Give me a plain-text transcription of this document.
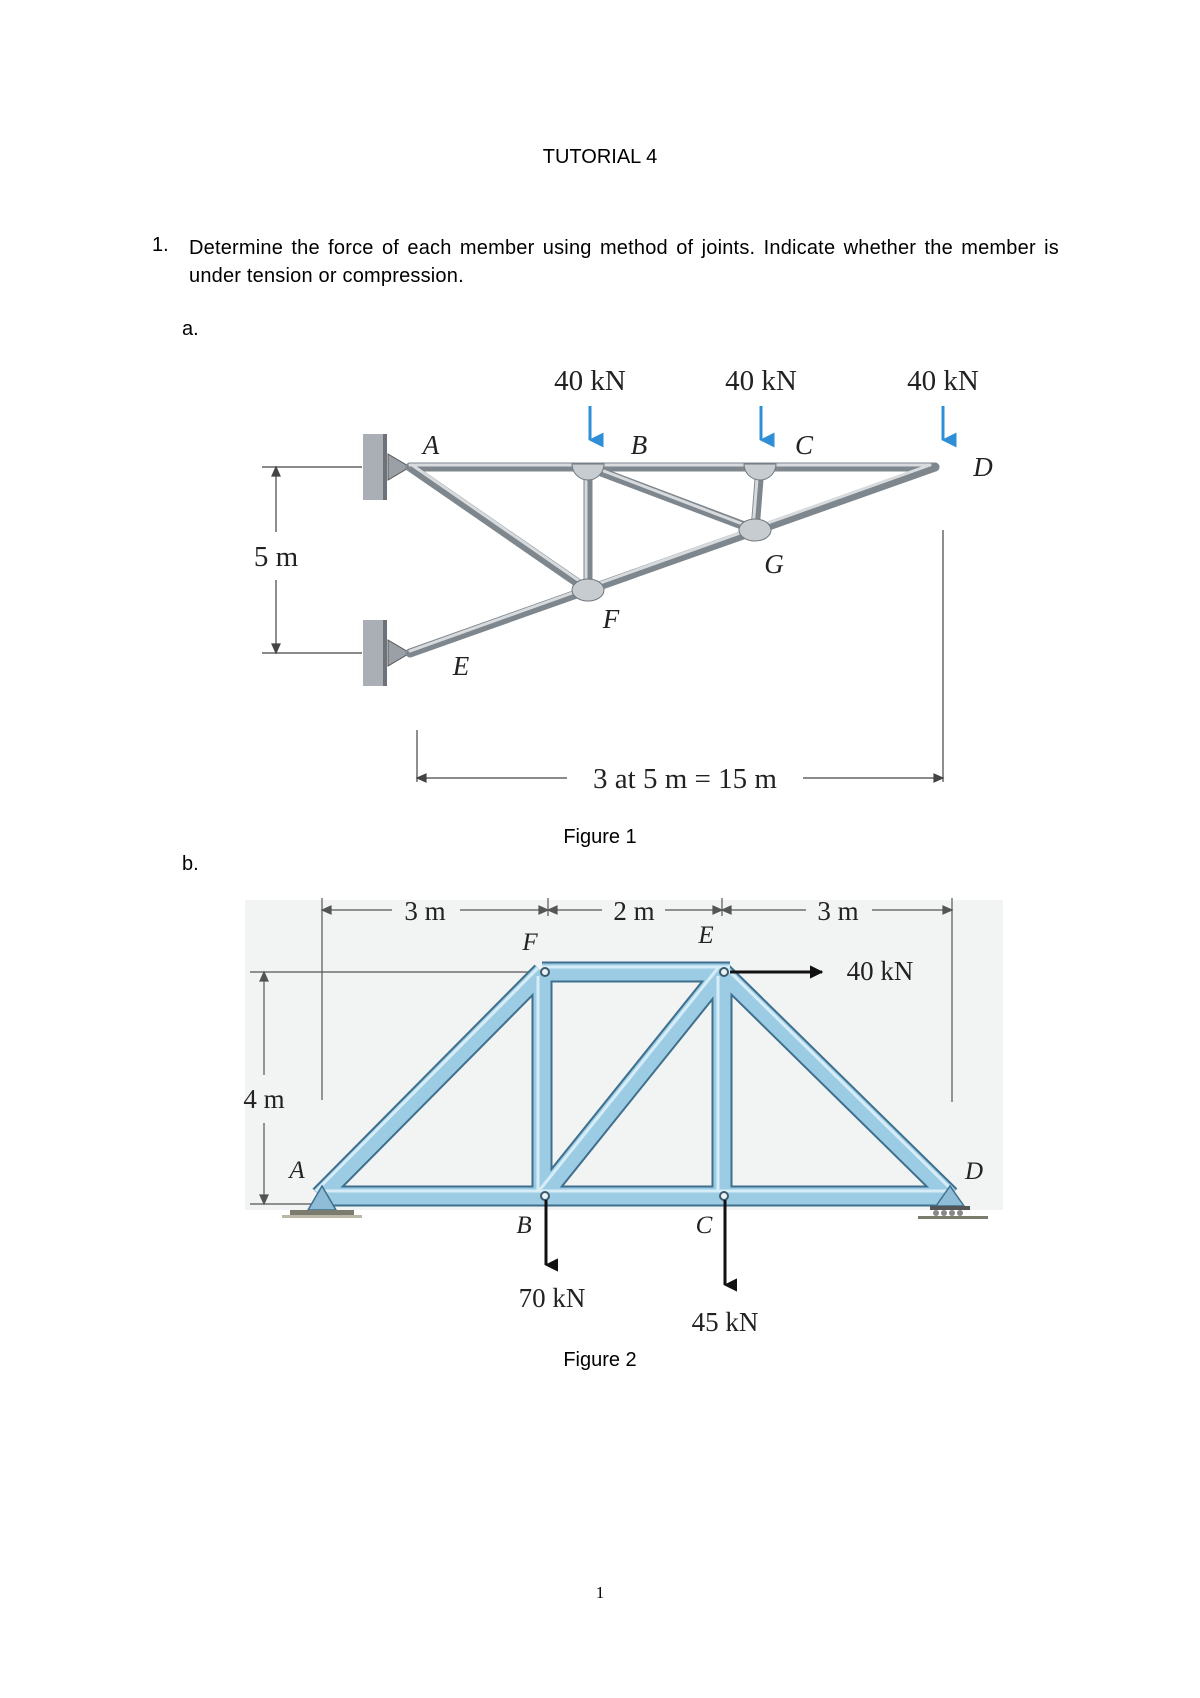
TUTORIAL 4
1. Determine the force of each member using method of joints. Indicate whether the member is under tension or compression.
a.
40 kN	40 kN	40 kN
A	B	C
D
E
F
G
5 m
3 at 5 m = 15 m
Figure 1
b.
3 m	2 m	3 m
4 m
40 kN
70 kN
45 kN
A
B	C
D
E
F
Figure 2
1
